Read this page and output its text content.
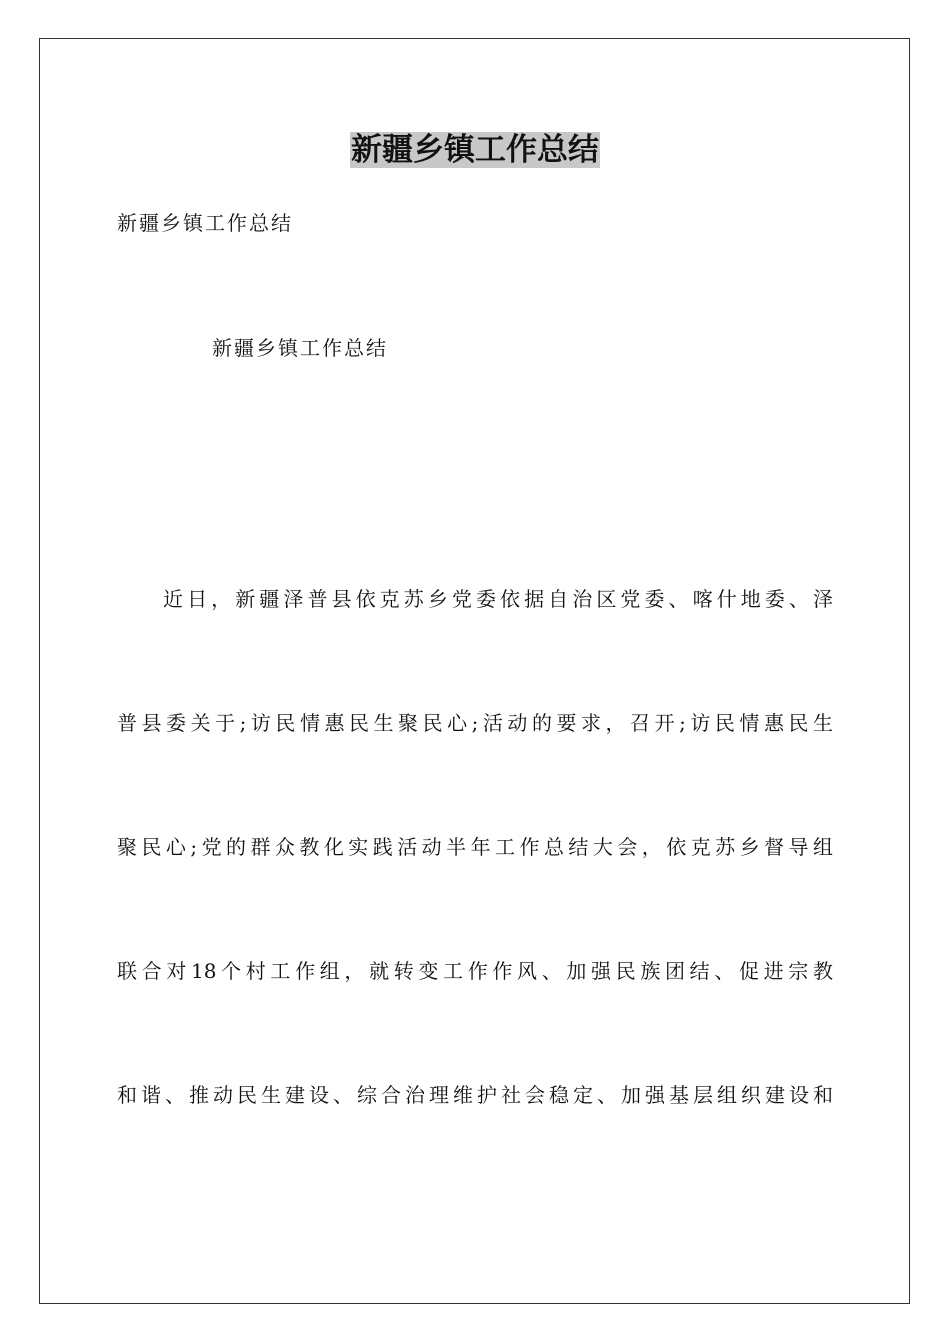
新疆乡镇工作总结
新疆乡镇工作总结
新疆乡镇工作总结
近日，新疆泽普县依克苏乡党委依据自治区党委、喀什地委、泽
普县委关于;访民情惠民生聚民心;活动的要求，召开;访民情惠民生
聚民心;党的群众教化实践活动半年工作总结大会，依克苏乡督导组
联合对18个村工作组，就转变工作作风、加强民族团结、促进宗教
和谐、推动民生建设、综合治理维护社会稳定、加强基层组织建设和
